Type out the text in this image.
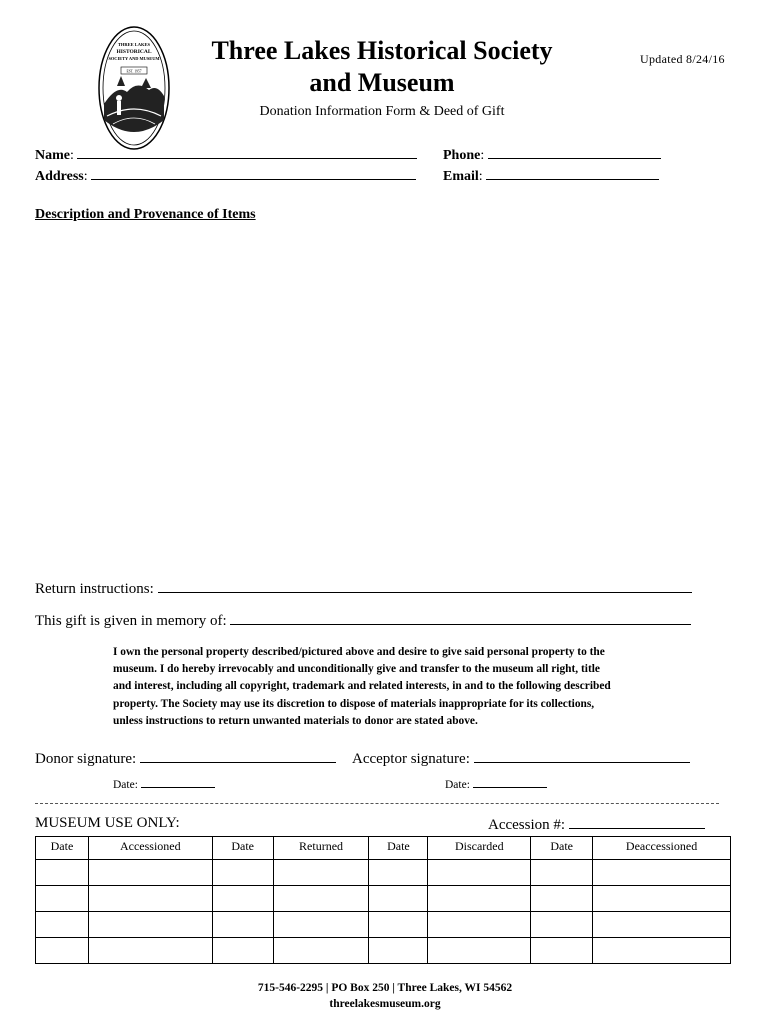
THREE LAKES
HISTORICAL
SOCIETY AND MUSEUM
EST. 1957
Three Lakes Historical Society
and Museum
Updated 8/24/16
Donation Information Form & Deed of Gift
Name:
Address:
Phone:
Email:
Description and Provenance of Items
Return instructions:
This gift is given in memory of:
I own the personal property described/pictured above and desire to give said personal property to the
museum. I do hereby irrevocably and unconditionally give and transfer to the museum all right, title
and interest, including all copyright, trademark and related interests, in and to the following described
property. The Society may use its discretion to dispose of materials inappropriate for its collections,
unless instructions to return unwanted materials to donor are stated above.
Donor signature:	Acceptor signature:
Date:	Date:
MUSEUM USE ONLY:	Accession #:
Date	Accessioned	Date	Returned	Date	Discarded	Date	Deaccessioned

715-546-2295 | PO Box 250 | Three Lakes, WI 54562
threelakesmuseum.org
